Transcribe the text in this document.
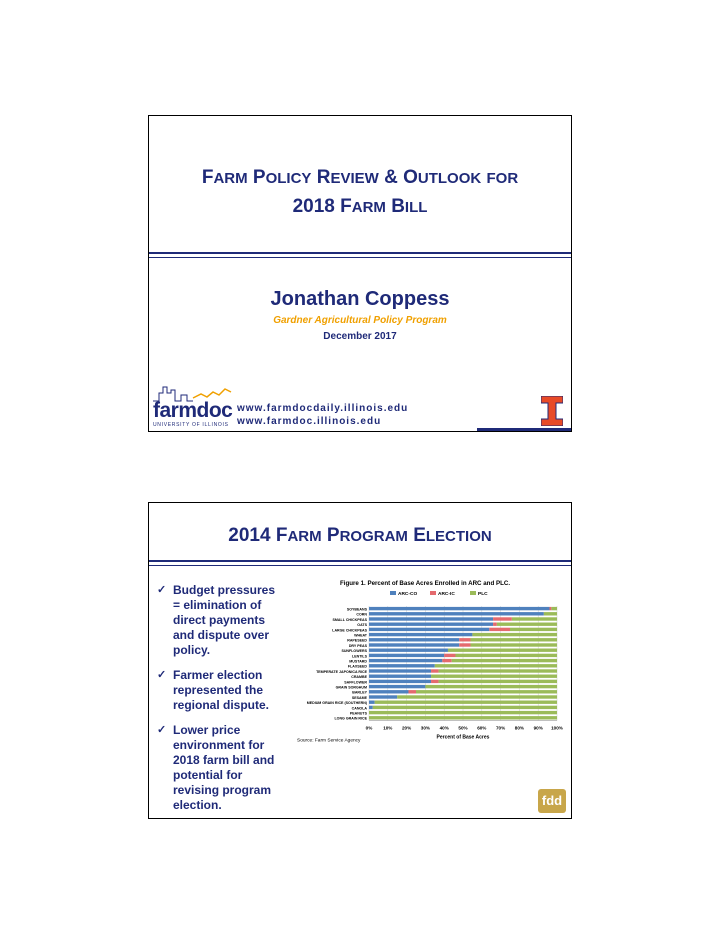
FARM POLICY REVIEW & OUTLOOK FOR
2018 FARM BILL
Jonathan Coppess
Gardner Agricultural Policy Program
December 2017
farmdoc
UNIVERSITY OF ILLINOIS
www.farmdocdaily.illinois.edu
www.farmdoc.illinois.edu
2014 FARM PROGRAM ELECTION
✓ Budget pressures = elimination of direct payments and dispute over policy.
✓ Farmer election represented the regional dispute.
✓ Lower price environment for 2018 farm bill and potential for revising program election.
Figure 1. Percent of Base Acres Enrolled in ARC and PLC.
ARC-CO	ARC-IC	PLC
SOYBEANS
CORN
SMALL CHICKPEAS
OATS
LARGE CHICKPEAS
WHEAT
RAPESEED
DRY PEAS
SUNFLOWERS
LENTILS
MUSTARD
FLAXSEED
TEMPERATE JAPONICA RICE
CRAMBE
SAFFLOWER
GRAIN SORGHUM
BARLEY
SESAME
MEDIUM GRAIN RICE (SOUTHERN)
CANOLA
PEANUTS
LONG GRAIN RICE
0% 10% 20% 30% 40% 50% 60% 70% 80% 90% 100%
Percent of Base Acres
Source: Farm Service Agency
fdd
